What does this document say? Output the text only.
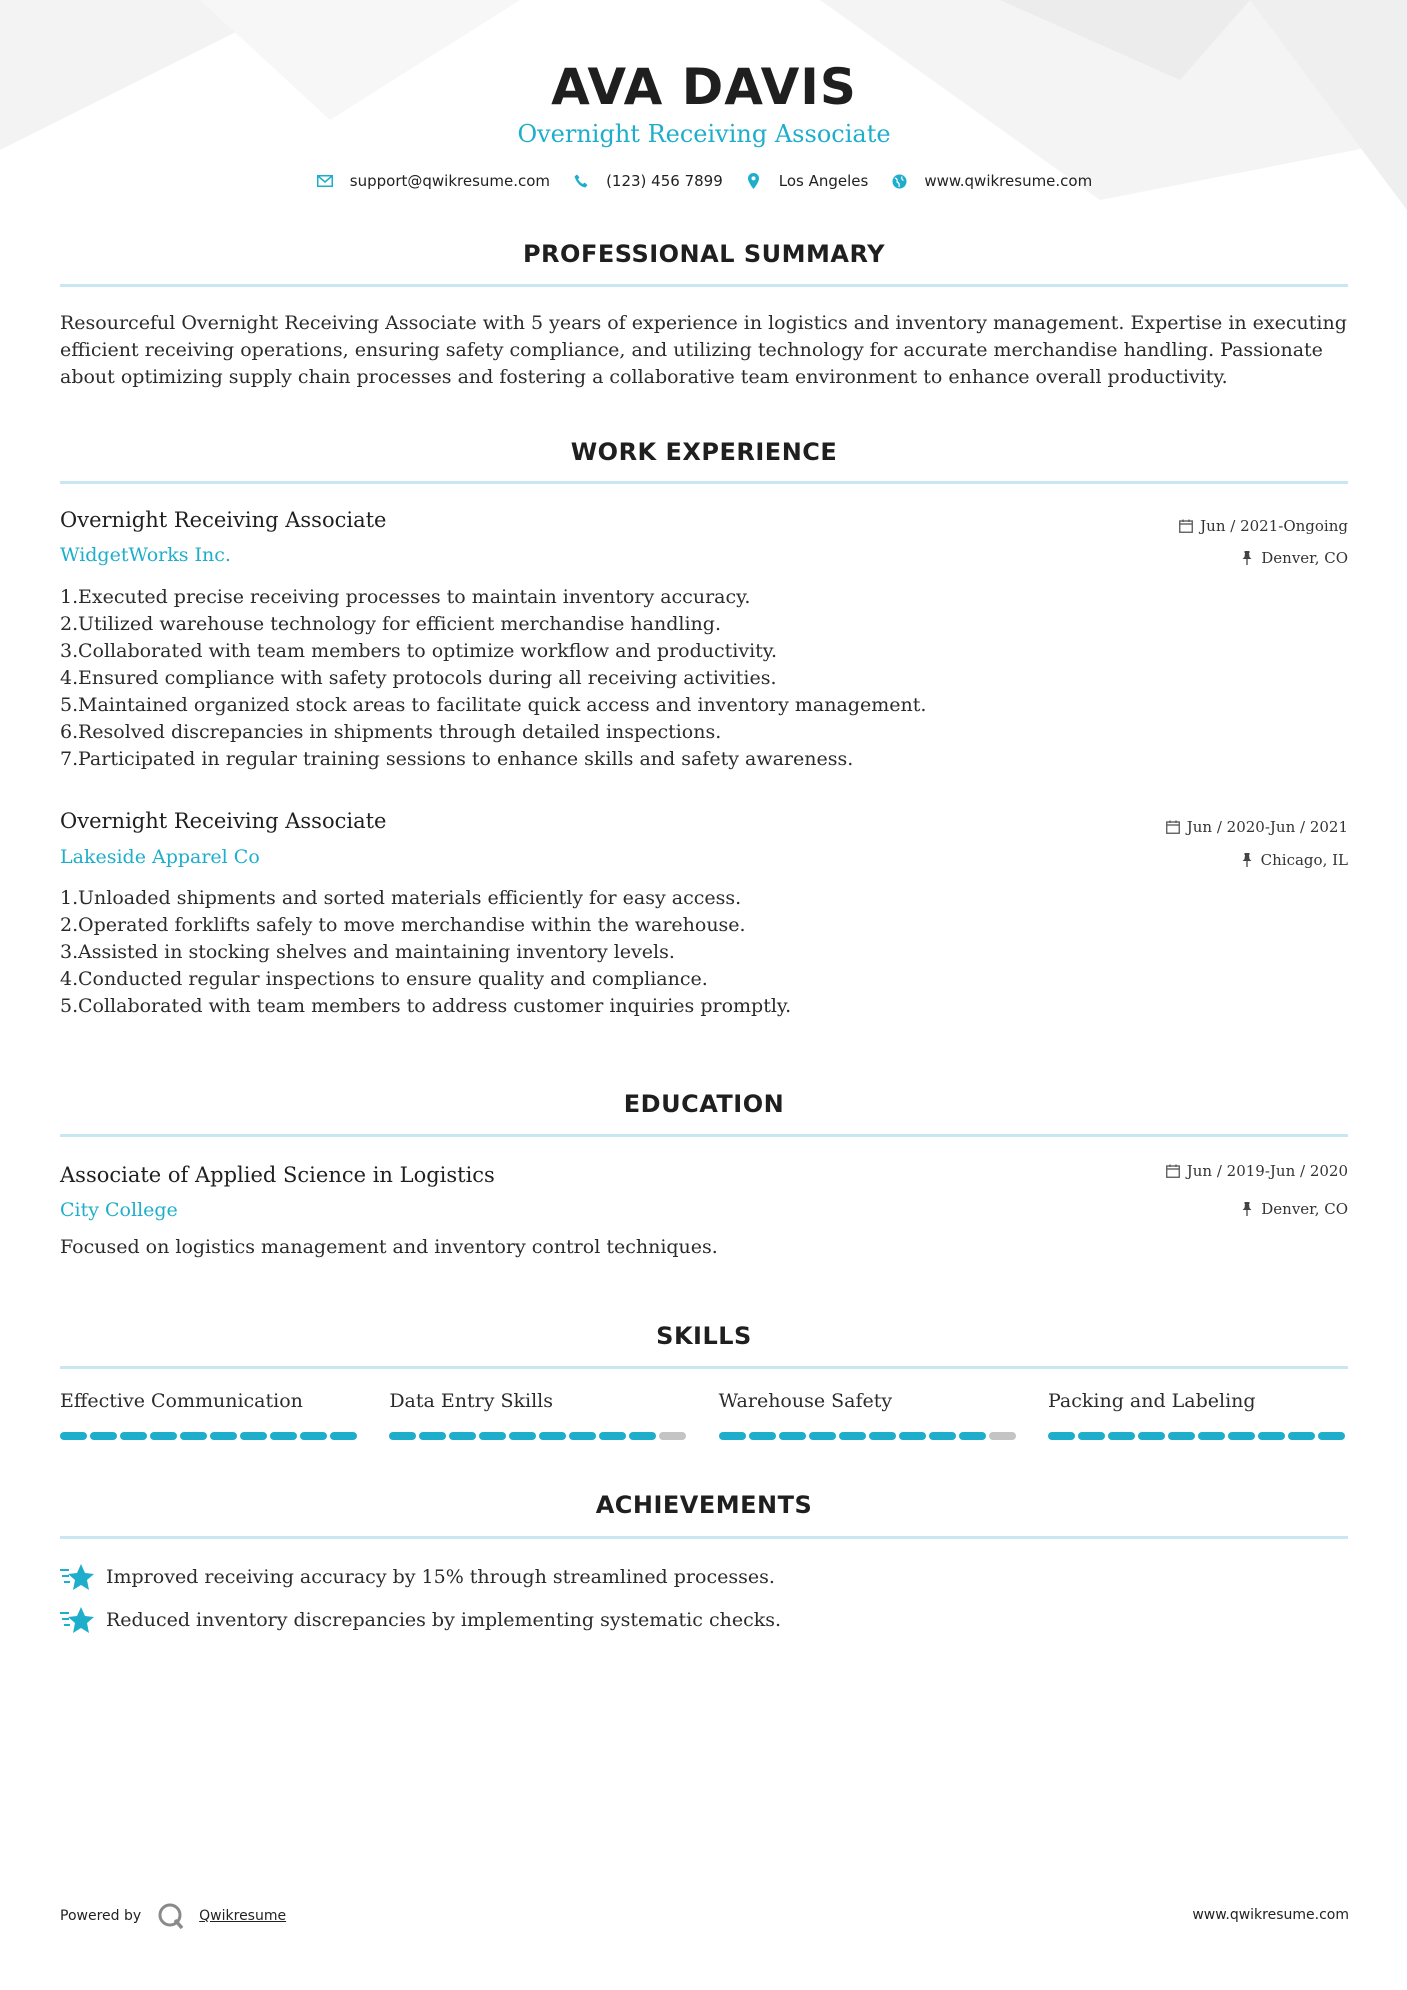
AVA DAVIS
Overnight Receiving Associate
support@qwikresume.com	(123) 456 7899	Los Angeles	www.qwikresume.com
PROFESSIONAL SUMMARY
Resourceful Overnight Receiving Associate with 5 years of experience in logistics and inventory management. Expertise in executing efficient receiving operations, ensuring safety compliance, and utilizing technology for accurate merchandise handling. Passionate about optimizing supply chain processes and fostering a collaborative team environment to enhance overall productivity.
WORK EXPERIENCE
Overnight Receiving Associate
WidgetWorks Inc.
Jun / 2021-Ongoing
Denver, CO
1. Executed precise receiving processes to maintain inventory accuracy.
2. Utilized warehouse technology for efficient merchandise handling.
3. Collaborated with team members to optimize workflow and productivity.
4. Ensured compliance with safety protocols during all receiving activities.
5. Maintained organized stock areas to facilitate quick access and inventory management.
6. Resolved discrepancies in shipments through detailed inspections.
7. Participated in regular training sessions to enhance skills and safety awareness.
Overnight Receiving Associate
Lakeside Apparel Co
Jun / 2020-Jun / 2021
Chicago, IL
1. Unloaded shipments and sorted materials efficiently for easy access.
2. Operated forklifts safely to move merchandise within the warehouse.
3. Assisted in stocking shelves and maintaining inventory levels.
4. Conducted regular inspections to ensure quality and compliance.
5. Collaborated with team members to address customer inquiries promptly.
EDUCATION
Associate of Applied Science in Logistics
City College
Jun / 2019-Jun / 2020
Denver, CO
Focused on logistics management and inventory control techniques.
SKILLS
Effective Communication	Data Entry Skills	Warehouse Safety	Packing and Labeling
ACHIEVEMENTS
Improved receiving accuracy by 15% through streamlined processes.
Reduced inventory discrepancies by implementing systematic checks.
Powered by	Qwikresume	www.qwikresume.com
